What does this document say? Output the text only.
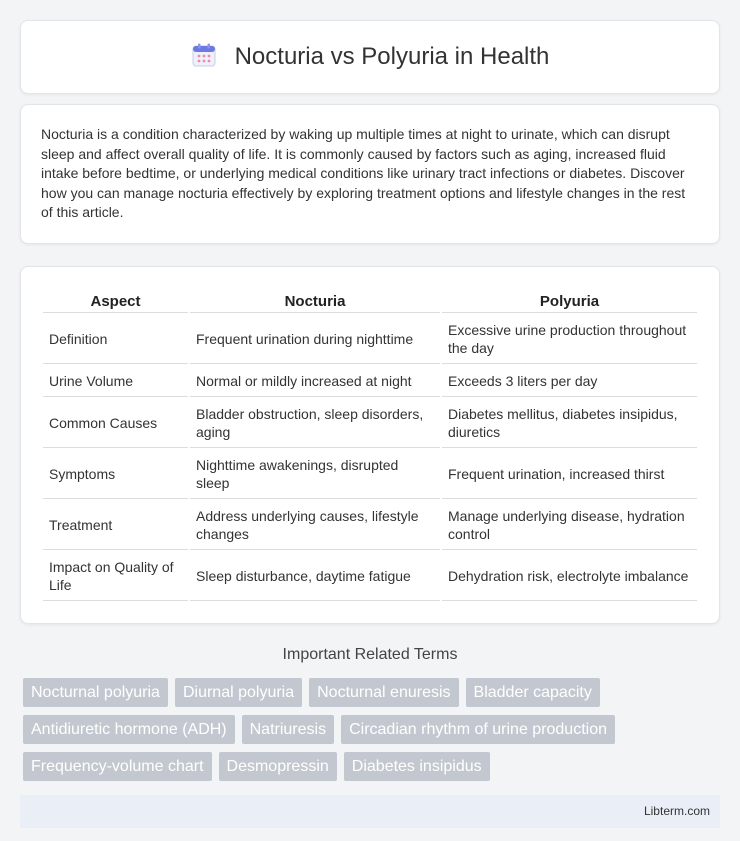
Nocturia vs Polyuria in Health
Nocturia is a condition characterized by waking up multiple times at night to urinate, which can disrupt sleep and affect overall quality of life. It is commonly caused by factors such as aging, increased fluid intake before bedtime, or underlying medical conditions like urinary tract infections or diabetes. Discover how you can manage nocturia effectively by exploring treatment options and lifestyle changes in the rest of this article.
Aspect	Nocturia	Polyuria
Definition	Frequent urination during nighttime	Excessive urine production throughout the day
Urine Volume	Normal or mildly increased at night	Exceeds 3 liters per day
Common Causes	Bladder obstruction, sleep disorders, aging	Diabetes mellitus, diabetes insipidus, diuretics
Symptoms	Nighttime awakenings, disrupted sleep	Frequent urination, increased thirst
Treatment	Address underlying causes, lifestyle changes	Manage underlying disease, hydration control
Impact on Quality of Life	Sleep disturbance, daytime fatigue	Dehydration risk, electrolyte imbalance
Important Related Terms
Nocturnal polyuria	Diurnal polyuria	Nocturnal enuresis	Bladder capacity
Antidiuretic hormone (ADH)	Natriuresis	Circadian rhythm of urine production
Frequency-volume chart	Desmopressin	Diabetes insipidus
Libterm.com
